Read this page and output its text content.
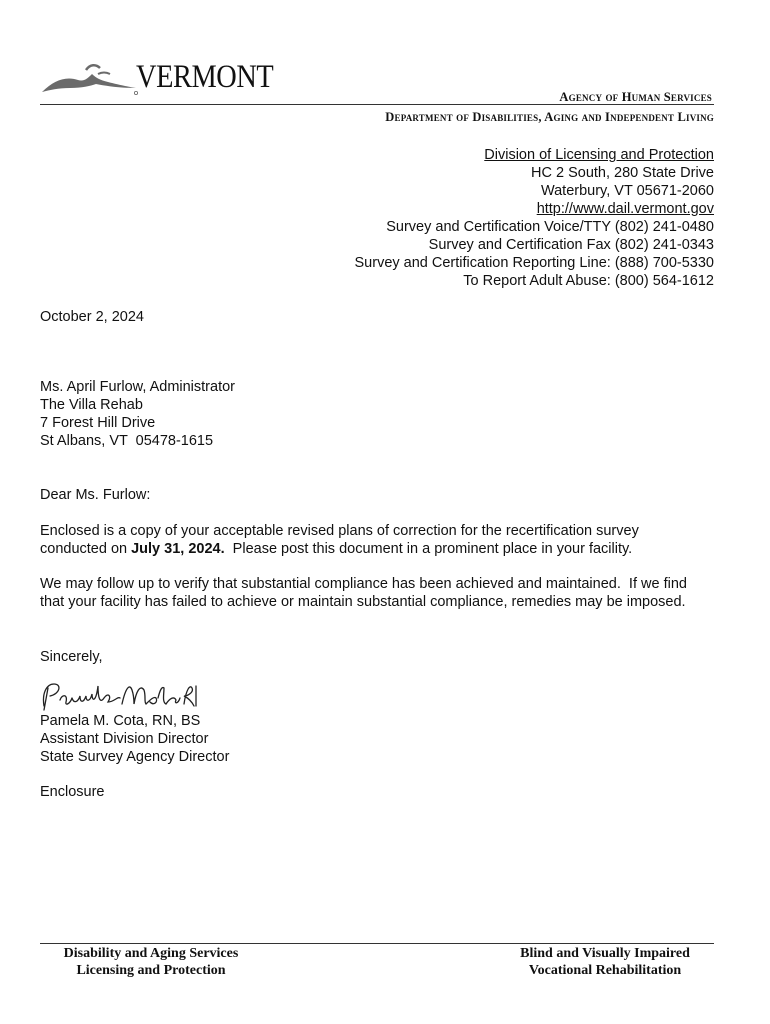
VERMONT
Agency of Human Services
Department of Disabilities, Aging and Independent Living
Division of Licensing and Protection
HC 2 South, 280 State Drive
Waterbury, VT 05671-2060
http://www.dail.vermont.gov
Survey and Certification Voice/TTY (802) 241-0480
Survey and Certification Fax (802) 241-0343
Survey and Certification Reporting Line: (888) 700-5330
To Report Adult Abuse: (800) 564-1612
October 2, 2024
Ms. April Furlow, Administrator
The Villa Rehab
7 Forest Hill Drive
St Albans, VT  05478-1615
Dear Ms. Furlow:
Enclosed is a copy of your acceptable revised plans of correction for the recertification survey conducted on July 31, 2024.  Please post this document in a prominent place in your facility.
We may follow up to verify that substantial compliance has been achieved and maintained.  If we find that your facility has failed to achieve or maintain substantial compliance, remedies may be imposed.
Sincerely,
Pamela M. Cota, RN, BS
Assistant Division Director
State Survey Agency Director
Enclosure
Disability and Aging Services
Licensing and Protection
Blind and Visually Impaired
Vocational Rehabilitation
